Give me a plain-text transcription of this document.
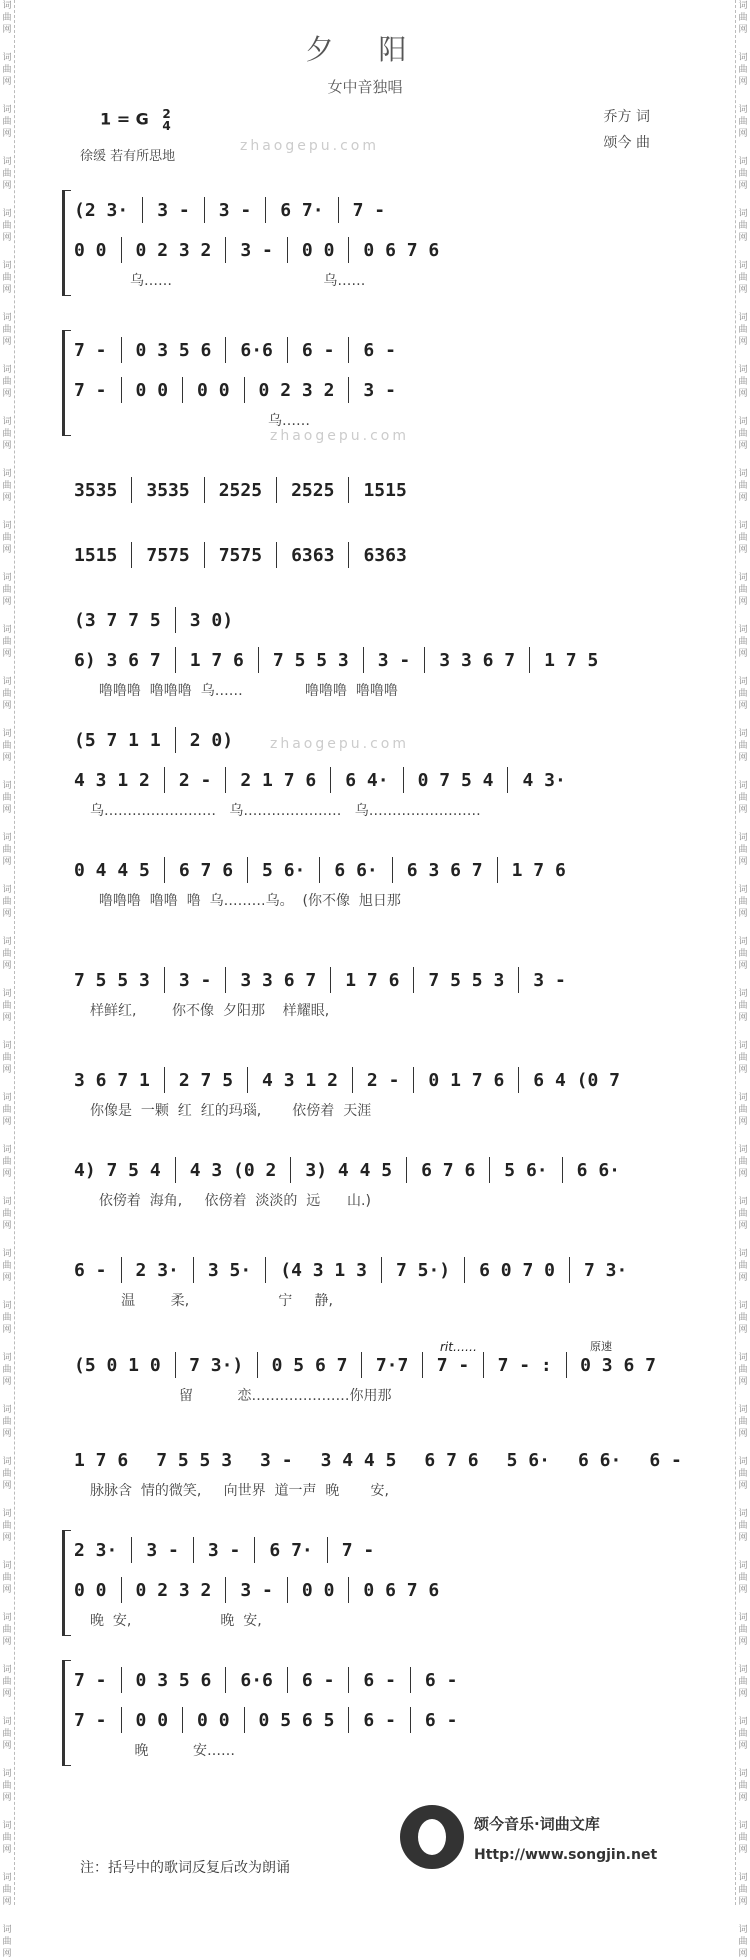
词曲网
词曲网
词曲网
词曲网
词曲网
词曲网
词曲网
词曲网
词曲网
词曲网
词曲网
词曲网
词曲网
词曲网
词曲网
词曲网
词曲网
词曲网
词曲网
词曲网
词曲网
词曲网
词曲网
词曲网
词曲网
词曲网
词曲网
词曲网
词曲网
词曲网
词曲网
词曲网
词曲网
词曲网
词曲网
词曲网
词曲网
词曲网
词曲网
词曲网
词曲网
词曲网
词曲网
词曲网
词曲网
词曲网
词曲网
词曲网
词曲网
词曲网
词曲网
词曲网
词曲网
词曲网
词曲网
词曲网
词曲网
词曲网
词曲网
词曲网
词曲网
词曲网
词曲网
词曲网
词曲网
词曲网
词曲网
词曲网
词曲网
词曲网
词曲网
词曲网
词曲网
词曲网
词曲网
词曲网
夕 阳
女中音独唱
1 = G 2
4
徐缓 若有所思地
乔方 词
颂今 曲
zhaogepu.com
zhaogepu.com
zhaogepu.com
(2 3· 3 - 3 - 6 7· 7 -
0 0 0 2 3 2 3 - 0 0 0 6 7 6
乌……                                  乌……
7 - 0 3 5 6 6·6 6 - 6 -
7 - 0 0 0 0 0 2 3 2 3 -
乌……
3535 3535 2525 2525 1515
1515 7575 7575 6363 6363
(3 7 7 5 3 0)
6) 3 6 7 1 7 6 7 5 5 3 3 - 3 3 6 7 1 7 5
噜噜噜  噜噜噜  乌……              噜噜噜  噜噜噜
(5 7 1 1 2 0)
4 3 1 2 2 - 2 1 7 6 6 4· 0 7 5 4 4 3·
乌……………………   乌…………………   乌……………………
0 4 4 5 6 7 6 5 6· 6 6· 6 3 6 7 1 7 6
噜噜噜  噜噜  噜  乌………乌。  (你不像  旭日那
7 5 5 3 3 - 3 3 6 7 1 7 6 7 5 5 3 3 -
样鲜红,        你不像  夕阳那    样耀眼,
3 6 7 1 2 7 5 4 3 1 2 2 - 0 1 7 6 6 4 (0 7
你像是  一颗  红  红的玛瑙,       依傍着  天涯
4) 7 5 4 4 3 (0 2 3) 4 4 5 6 7 6 5 6· 6 6·
依傍着  海角,     依傍着  淡淡的  远      山.)
6 - 2 3· 3 5· (4 3 1 3 7 5·) 6 0 7 0 7 3·
温        柔,                    宁     静,
(5 0 1 0 7 3·) 0 5 6 7 7·7 7 - 7 - : 0 3 6 7
留          恋…………………你用那
1 7 6 7 5 5 3 3 - 3 4 4 5 6 7 6 5 6· 6 6· 6 -
脉脉含  情的微笑,     向世界  道一声  晚       安,
2 3· 3 - 3 - 6 7· 7 -
0 0 0 2 3 2 3 - 0 0 0 6 7 6
晚  安,                    晚  安,
7 - 0 3 5 6 6·6 6 - 6 - 6 -
7 - 0 0 0 0 0 5 6 5 6 - 6 -
晚          安……
rit……	原速
注：括号中的歌词反复后改为朗诵
颂今音乐·词曲文库
Http://www.songjin.net
